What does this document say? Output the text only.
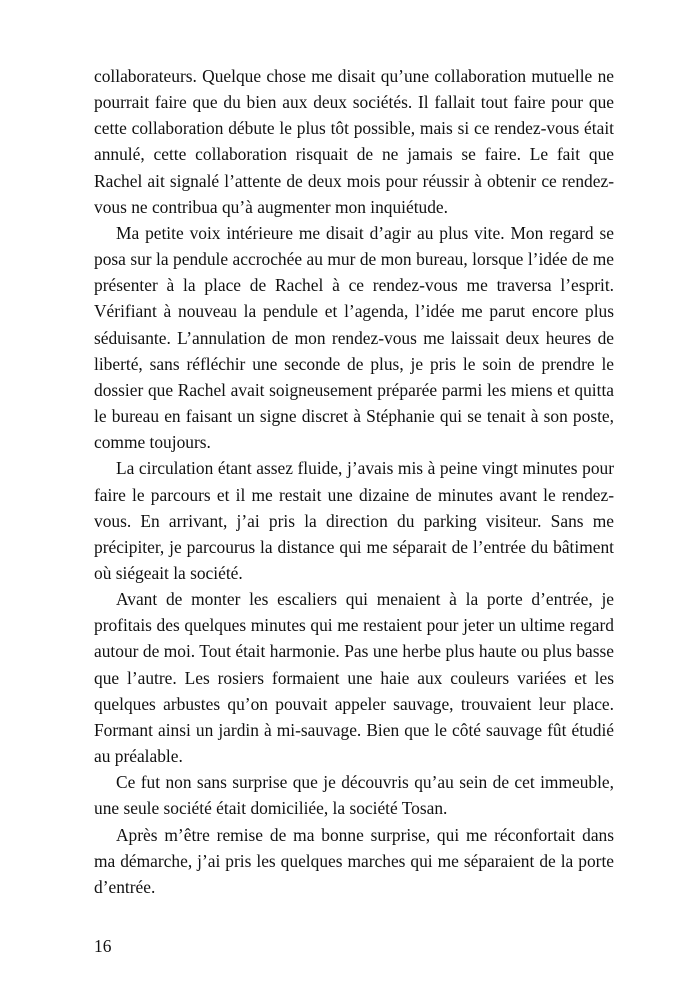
collaborateurs. Quelque chose me disait qu’une collaboration mutuelle ne pourrait faire que du bien aux deux sociétés. Il fallait tout faire pour que cette collaboration débute le plus tôt possible, mais si ce rendez-vous était annulé, cette collaboration risquait de ne jamais se faire. Le fait que Rachel ait signalé l’attente de deux mois pour réussir à obtenir ce rendez-vous ne contribua qu’à augmenter mon inquiétude.

Ma petite voix intérieure me disait d’agir au plus vite. Mon regard se posa sur la pendule accrochée au mur de mon bureau, lorsque l’idée de me présenter à la place de Rachel à ce rendez-vous me traversa l’esprit. Vérifiant à nouveau la pendule et l’agenda, l’idée me parut encore plus séduisante. L’annulation de mon rendez-vous me laissait deux heures de liberté, sans réfléchir une seconde de plus, je pris le soin de prendre le dossier que Rachel avait soigneusement préparée parmi les miens et quitta le bureau en faisant un signe discret à Stéphanie qui se tenait à son poste, comme toujours.

La circulation étant assez fluide, j’avais mis à peine vingt minutes pour faire le parcours et il me restait une dizaine de minutes avant le rendez-vous. En arrivant, j’ai pris la direction du parking visiteur. Sans me précipiter, je parcourus la distance qui me séparait de l’entrée du bâtiment où siégeait la société.

Avant de monter les escaliers qui menaient à la porte d’entrée, je profitais des quelques minutes qui me restaient pour jeter un ultime regard autour de moi. Tout était harmonie. Pas une herbe plus haute ou plus basse que l’autre. Les rosiers formaient une haie aux couleurs variées et les quelques arbustes qu’on pouvait appeler sauvage, trouvaient leur place. Formant ainsi un jardin à mi-sauvage. Bien que le côté sauvage fût étudié au préalable.

Ce fut non sans surprise que je découvris qu’au sein de cet immeuble, une seule société était domiciliée, la société Tosan.

Après m’être remise de ma bonne surprise, qui me réconfortait dans ma démarche, j’ai pris les quelques marches qui me séparaient de la porte d’entrée.

16
